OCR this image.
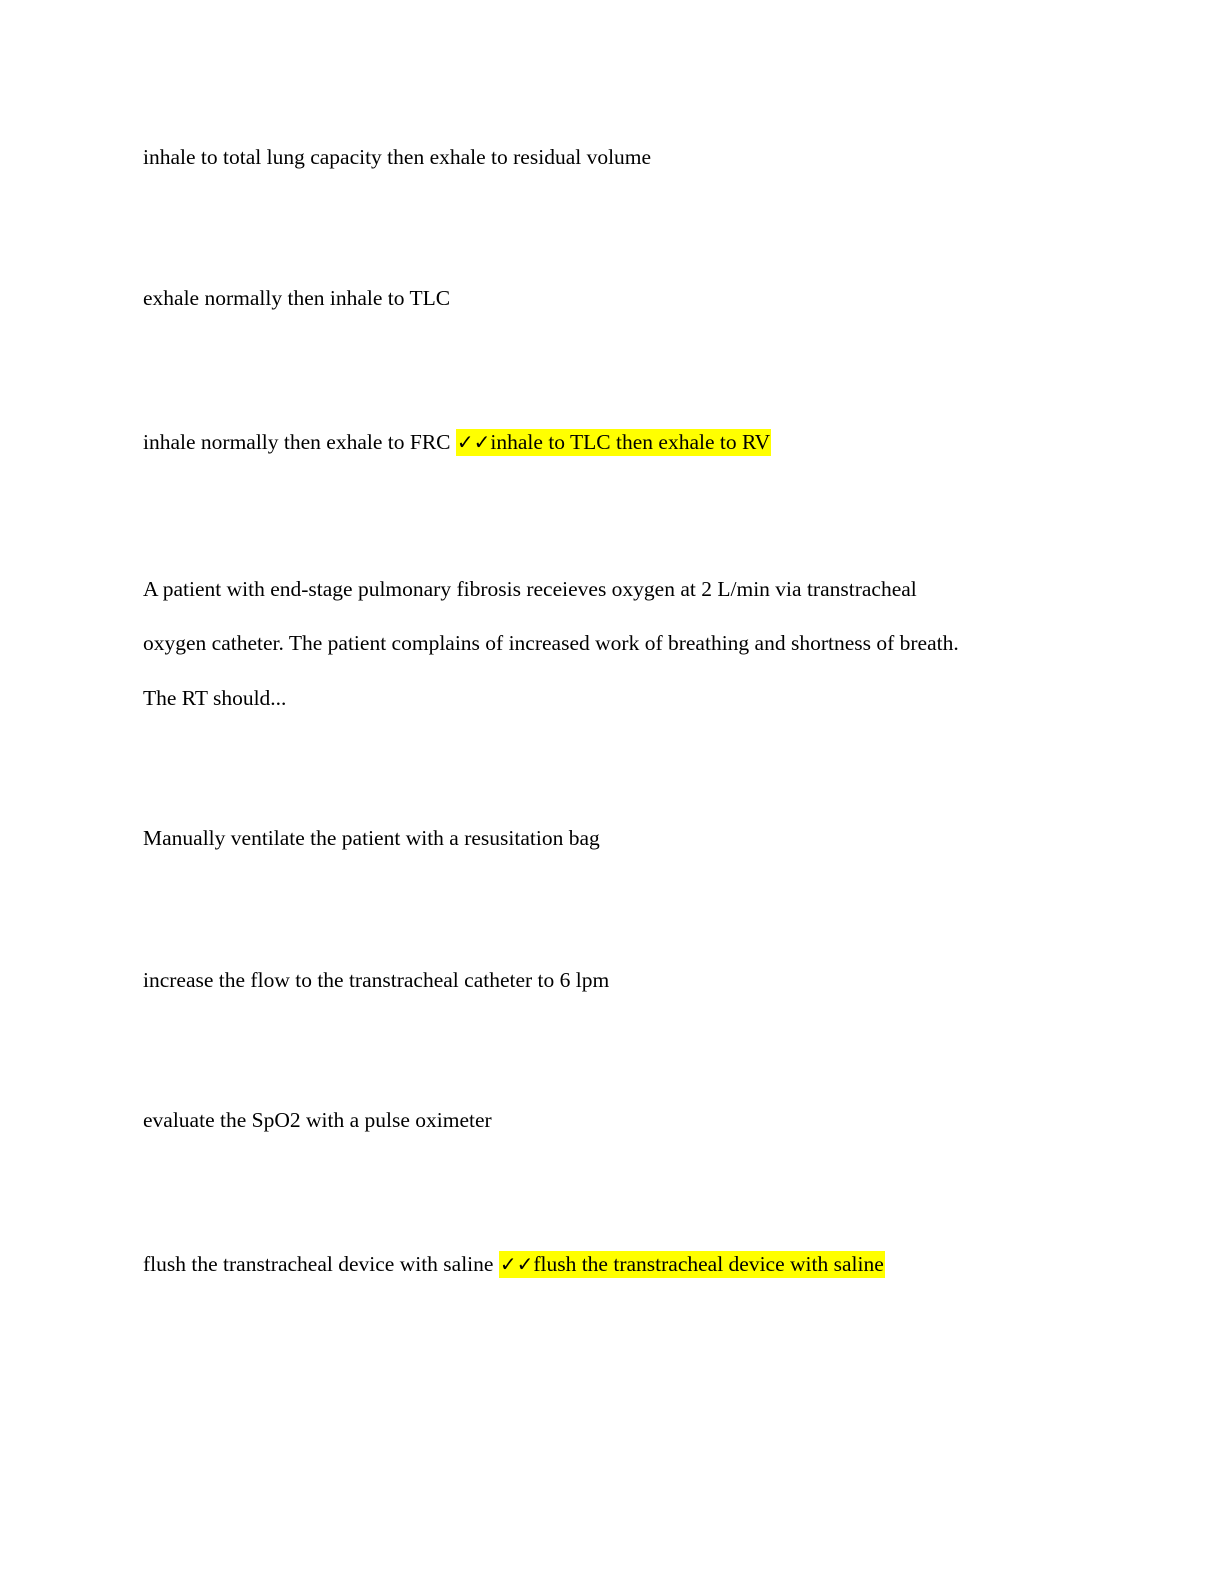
inhale to total lung capacity then exhale to residual volume
exhale normally then inhale to TLC
inhale normally then exhale to FRC ✓✓inhale to TLC then exhale to RV
A patient with end-stage pulmonary fibrosis receieves oxygen at 2 L/min via transtracheal
oxygen catheter. The patient complains of increased work of breathing and shortness of breath.
The RT should...
Manually ventilate the patient with a resusitation bag
increase the flow to the transtracheal catheter to 6 lpm
evaluate the SpO2 with a pulse oximeter
flush the transtracheal device with saline ✓✓flush the transtracheal device with saline
